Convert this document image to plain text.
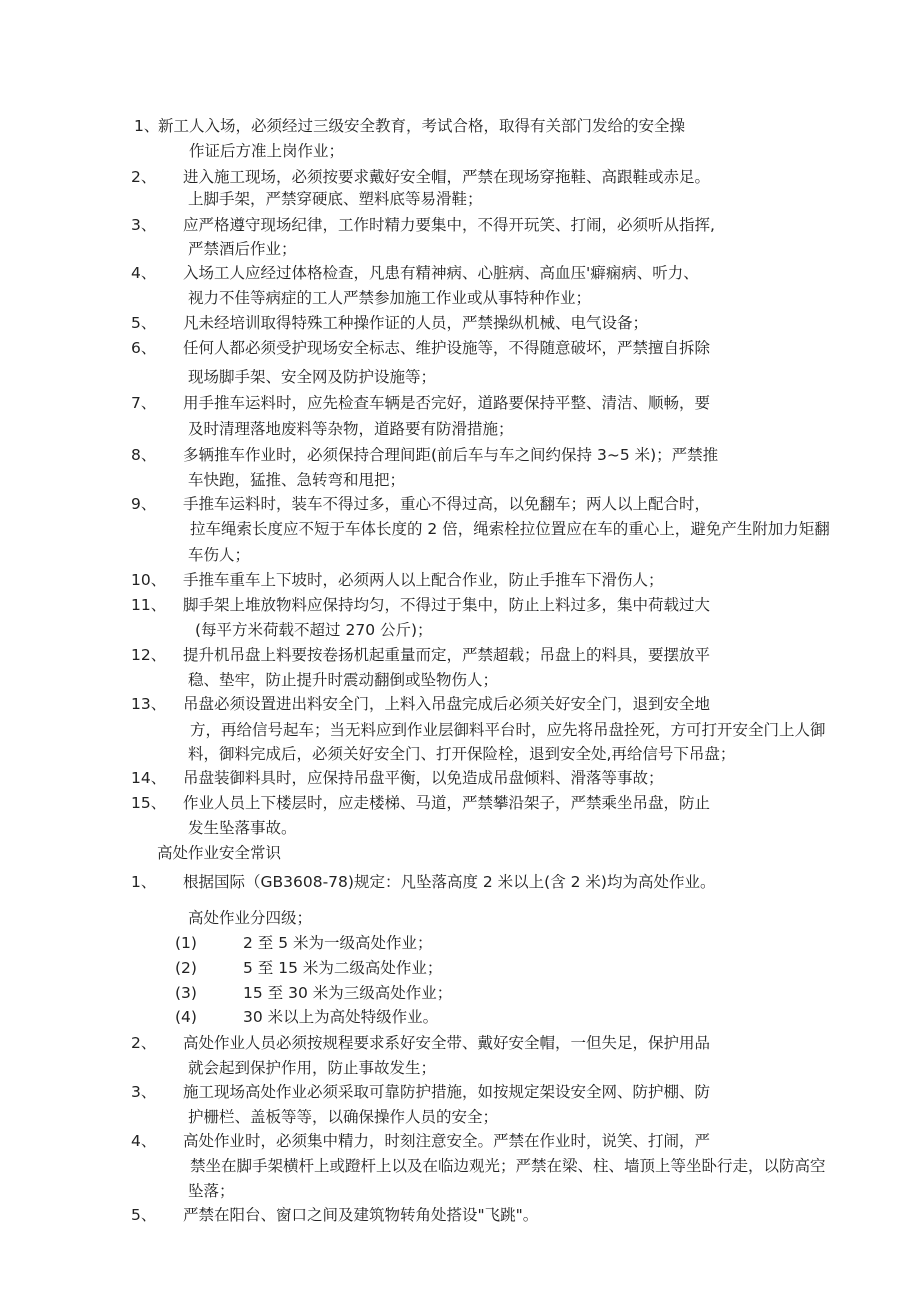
1、
新工人入场，必须经过三级安全教育，考试合格，取得有关部门发给的安全操
作证后方准上岗作业；
2、 进入施工现场，必须按要求戴好安全帽，严禁在现场穿拖鞋、高跟鞋或赤足。
上脚手架，严禁穿硬底、塑料底等易滑鞋；
3、 应严格遵守现场纪律，工作时精力要集中，不得开玩笑、打闹，必须听从指挥,
严禁酒后作业；
4、 入场工人应经过体格检查，凡患有精神病、心脏病、高血压'癖痫病、听力、
视力不佳等病症的工人严禁参加施工作业或从事特种作业；
5、 凡未经培训取得特殊工种操作证的人员，严禁操纵机械、电气设备；
6、 任何人都必须受护现场安全标志、维护设施等，不得随意破坏，严禁擅自拆除
现场脚手架、安全网及防护设施等；
7、 用手推车运料时，应先检查车辆是否完好，道路要保持平整、清洁、顺畅，要
及时清理落地废料等杂物，道路要有防滑措施；
8、 多辆推车作业时，必须保持合理间距(前后车与车之间约保持 3~5 米)；严禁推
车快跑，猛推、急转弯和甩把；
9、 手推车运料时，装车不得过多，重心不得过高，以免翻车；两人以上配合时，
拉车绳索长度应不短于车体长度的 2 倍，绳索栓拉位置应在车的重心上，避免产生附加力矩翻
车伤人；
10、 手推车重车上下坡时，必须两人以上配合作业，防止手推车下滑伤人；
11、 脚手架上堆放物料应保持均匀，不得过于集中，防止上料过多，集中荷载过大
(每平方米荷载不超过 270 公斤)；
12、 提升机吊盘上料要按卷扬机起重量而定，严禁超载；吊盘上的料具，要摆放平
稳、垫牢，防止提升时震动翻倒或坠物伤人；
13、 吊盘必须设置进出料安全门，上料入吊盘完成后必须关好安全门，退到安全地
方，再给信号起车；当无料应到作业层御料平台时，应先将吊盘拴死，方可打开安全门上人御
料，御料完成后，必须关好安全门、打开保险栓，退到安全处,再给信号下吊盘；
14、 吊盘装御料具时，应保持吊盘平衡，以免造成吊盘倾料、滑落等事故；
15、 作业人员上下楼层时，应走楼梯、马道，严禁攀沿架子，严禁乘坐吊盘，防止
发生坠落事故。
高处作业安全常识
1、 根据国际（GB3608-78)规定：凡坠落高度 2 米以上(含 2 米)均为高处作业。
高处作业分四级；
(1)	2 至 5 米为一级高处作业；
(2)	5 至 15 米为二级高处作业；
(3)	15 至 30 米为三级高处作业；
(4)	30 米以上为高处特级作业。
2、 高处作业人员必须按规程要求系好安全带、戴好安全帽，一但失足，保护用品
就会起到保护作用，防止事故发生；
3、 施工现场高处作业必须采取可靠防护措施，如按规定架设安全网、防护棚、防
护栅栏、盖板等等，以确保操作人员的安全；
4、 高处作业时，必须集中精力，时刻注意安全。严禁在作业时，说笑、打闹，严
禁坐在脚手架横杆上或蹬杆上以及在临边观光；严禁在梁、柱、墙顶上等坐卧行走，以防高空
坠落；
5、 严禁在阳台、窗口之间及建筑物转角处搭设"飞跳"。
